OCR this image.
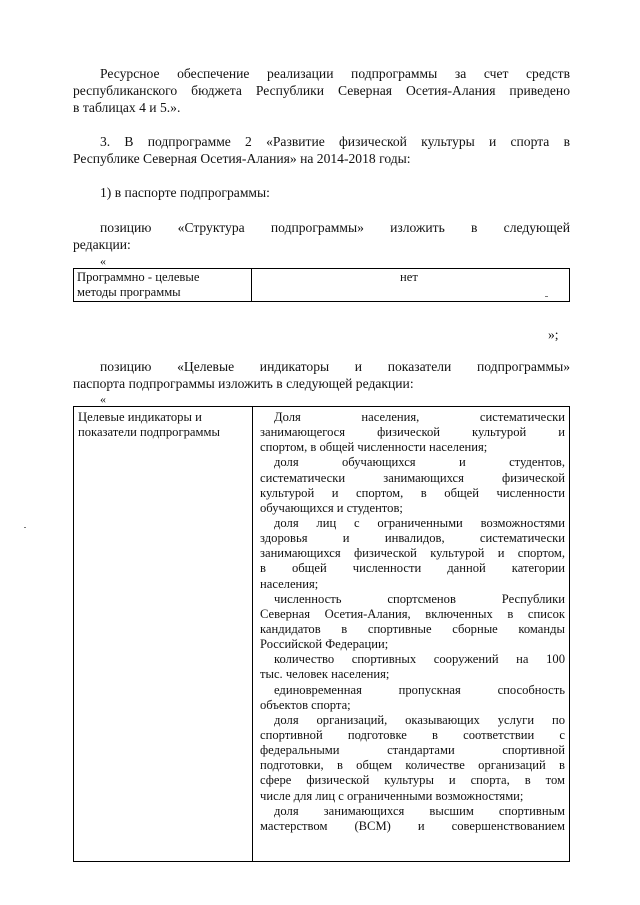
Ресурсное обеспечение реализации подпрограммы за счет средств
республиканского бюджета Республики Северная Осетия-Алания приведено
в таблицах 4 и 5.».
3. В подпрограмме 2 «Развитие физической культуры и спорта в
Республике Северная Осетия-Алания» на 2014-2018 годы:
1) в паспорте подпрограммы:
позицию «Структура подпрограммы» изложить в следующей
редакции:
«
Программно - целевые
методы программы
нет
»;
позицию «Целевые индикаторы и показатели подпрограммы»
паспорта подпрограммы изложить в следующей редакции:
«
Целевые индикаторы и
показатели подпрограммы
Доля населения, систематически
занимающегося физической культурой и
спортом, в общей численности населения;
доля обучающихся и студентов,
систематически занимающихся физической
культурой и спортом, в общей численности
обучающихся и студентов;
доля лиц с ограниченными возможностями
здоровья и инвалидов, систематически
занимающихся физической культурой и спортом,
в общей численности данной категории
населения;
численность спортсменов Республики
Северная Осетия-Алания, включенных в список
кандидатов в спортивные сборные команды
Российской Федерации;
количество спортивных сооружений на 100
тыс. человек населения;
единовременная пропускная способность
объектов спорта;
доля организаций, оказывающих услуги по
спортивной подготовке в соответствии с
федеральными стандартами спортивной
подготовки, в общем количестве организаций в
сфере физической культуры и спорта, в том
числе для лиц с ограниченными возможностями;
доля занимающихся высшим спортивным
мастерством (ВСМ) и совершенствованием
